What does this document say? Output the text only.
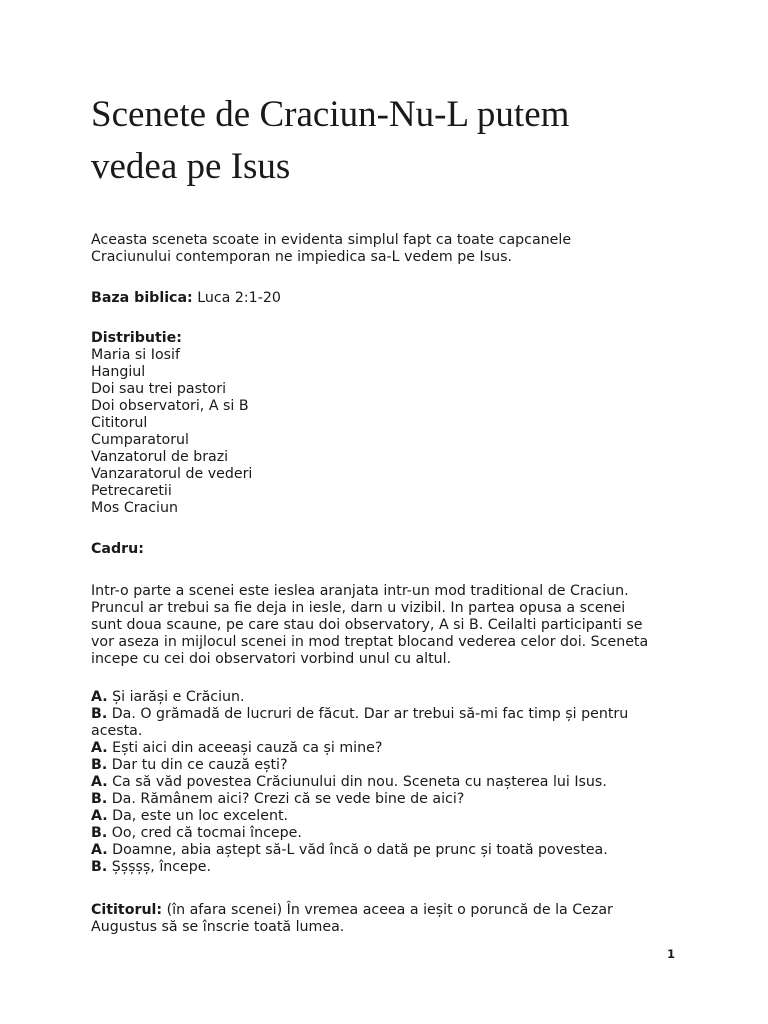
Scenete de Craciun-Nu-L putem
vedea pe Isus
Aceasta sceneta scoate in evidenta simplul fapt ca toate capcanele
Craciunului contemporan ne impiedica sa-L vedem pe Isus.
Baza biblica: Luca 2:1-20
Distributie:
Maria si Iosif
Hangiul
Doi sau trei pastori
Doi observatori, A si B
Cititorul
Cumparatorul
Vanzatorul de brazi
Vanzaratorul de vederi
Petrecaretii
Mos Craciun
Cadru:
Intr-o parte a scenei este ieslea aranjata intr-un mod traditional de Craciun.
Pruncul ar trebui sa fie deja in iesle, darn u vizibil. In partea opusa a scenei
sunt doua scaune, pe care stau doi observatory, A si B. Ceilalti participanti se
vor aseza in mijlocul scenei in mod treptat blocand vederea celor doi. Sceneta
incepe cu cei doi observatori vorbind unul cu altul.
A. Și iarăși e Crăciun.
B. Da. O grămadă de lucruri de făcut. Dar ar trebui să-mi fac timp și pentru
acesta.
A. Ești aici din aceeași cauză ca și mine?
B. Dar tu din ce cauză ești?
A. Ca să văd povestea Crăciunului din nou. Sceneta cu nașterea lui Isus.
B. Da. Rămânem aici? Crezi că se vede bine de aici?
A. Da, este un loc excelent.
B. Oo, cred că tocmai începe.
A. Doamne, abia aștept să-L văd încă o dată pe prunc și toată povestea.
B. Șșșșș, începe.
Cititorul: (în afara scenei) În vremea aceea a ieșit o poruncă de la Cezar
Augustus să se înscrie toată lumea.
1
